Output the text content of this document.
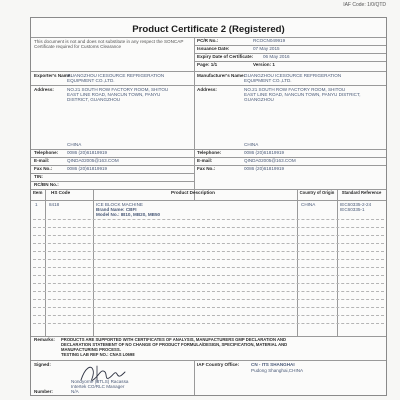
IAF Code: 1/0/QTD
Product Certificate 2 (Registered)
This document is not and does not substitute in any respect the SONCAP Certificate required for Customs Clearance
PC/R No.:	RCOCN049919
Issuance Date:	07 May 2015
Expiry Date of Certificate: 06 May 2016
Page: 1/1	Version: 1
Exporter's Name:
GUANGZHOU ICESOURCE REFRIGERATION
EQUIPMENT CO.,LTD.
Address:	NO.21 SOUTH ROW FACTORY ROOM, SHITOU
EAST LINE ROAD, NANCUN TOWN, PANYU
DISTRICT, GUANGZHOU
CHINA
Telephone: 0086 (20)61819919
E-mail:	QINDA02005@163.COM
Fax No.:	0086 (20)61819919
TIN:
RC/BN No.:
Manufacturer's Name:
GUANGZHOU ICESOURCE REFRIGERATION
EQUIPMENT CO.,LTD.
Address:	NO.21 SOUTH ROW FACTORY ROOM, SHITOU
EAST LINE ROAD, NANCUN TOWN, PANYU DISTRICT,
GUANGZHOU
CHINA
Telephone:	0086 (20)61819919
E-mail:	QINDA02005@163.COM
Fax No.:	0086 (20)61819919
Item HS Code	Product Description	Country of Origin	Standard Reference
1 8418	ICE BLOCK MACHINE
Brand Name: CBFI
Model No.: IB10, MB20, MB50
CHINA	IEC60335-2-24
IEC60335-1
Remarks: PRODUCTS ARE SUPPORTED WITH CERTIFICATES OF ANALYSIS, MANUFACTURERS GMP DECLARATION AND
DECLARATION STATEMENT OF NO CHANGE OF PRODUCT FORMULA/DESIGN, SPECIFICATION, MATERIAL AND
MANUFACTURING PROCESS.
TESTING LAB REF NO.: CNAS L0698
Signed:
Nondyorne (BTLS) Racassa
Intertek CO/RLC Manager
Number:	N/A
IAF Country Office:	CN - ITS SHANGHAI
Pudong Shanghai,CHINA
